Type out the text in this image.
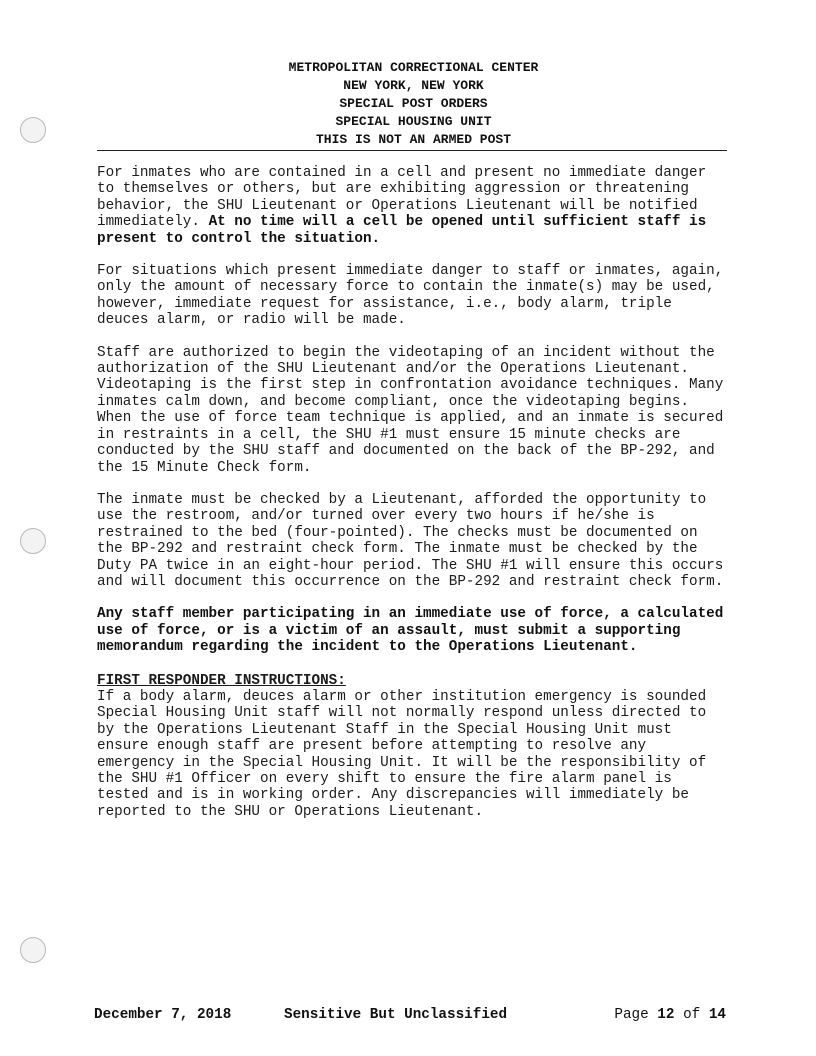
METROPOLITAN CORRECTIONAL CENTER
NEW YORK, NEW YORK
SPECIAL POST ORDERS
SPECIAL HOUSING UNIT
THIS IS NOT AN ARMED POST

For inmates who are contained in a cell and present no immediate danger to themselves or others, but are exhibiting aggression or threatening behavior, the SHU Lieutenant or Operations Lieutenant will be notified immediately. At no time will a cell be opened until sufficient staff is present to control the situation.

For situations which present immediate danger to staff or inmates, again, only the amount of necessary force to contain the inmate(s) may be used, however, immediate request for assistance, i.e., body alarm, triple deuces alarm, or radio will be made.

Staff are authorized to begin the videotaping of an incident without the authorization of the SHU Lieutenant and/or the Operations Lieutenant. Videotaping is the first step in confrontation avoidance techniques. Many inmates calm down, and become compliant, once the videotaping begins. When the use of force team technique is applied, and an inmate is secured in restraints in a cell, the SHU #1 must ensure 15 minute checks are conducted by the SHU staff and documented on the back of the BP-292, and the 15 Minute Check form.

The inmate must be checked by a Lieutenant, afforded the opportunity to use the restroom, and/or turned over every two hours if he/she is restrained to the bed (four-pointed). The checks must be documented on the BP-292 and restraint check form. The inmate must be checked by the Duty PA twice in an eight-hour period. The SHU #1 will ensure this occurs and will document this occurrence on the BP-292 and restraint check form.

Any staff member participating in an immediate use of force, a calculated use of force, or is a victim of an assault, must submit a supporting memorandum regarding the incident to the Operations Lieutenant.

FIRST RESPONDER INSTRUCTIONS:

If a body alarm, deuces alarm or other institution emergency is sounded Special Housing Unit staff will not normally respond unless directed to by the Operations Lieutenant Staff in the Special Housing Unit must ensure enough staff are present before attempting to resolve any emergency in the Special Housing Unit. It will be the responsibility of the SHU #1 Officer on every shift to ensure the fire alarm panel is tested and is in working order. Any discrepancies will immediately be reported to the SHU or Operations Lieutenant.

December 7, 2018	Sensitive But Unclassified	Page 12 of 14
